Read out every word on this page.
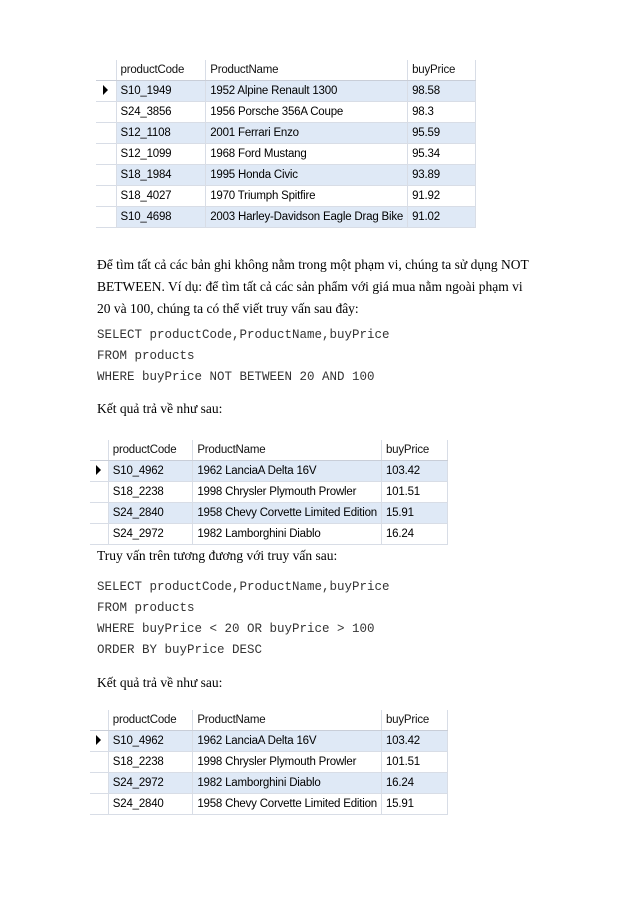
	productCode	ProductName	buyPrice
	S10_1949	1952 Alpine Renault 1300	98.58
	S24_3856	1956 Porsche 356A Coupe	98.3
	S12_1108	2001 Ferrari Enzo	95.59
	S12_1099	1968 Ford Mustang	95.34
	S18_1984	1995 Honda Civic	93.89
	S18_4027	1970 Triumph Spitfire	91.92
	S10_4698	2003 Harley-Davidson Eagle Drag Bike	91.02

Để tìm tất cả các bản ghi không nằm trong một phạm vi, chúng ta sử dụng NOT BETWEEN. Ví dụ: để tìm tất cả các sản phẩm với giá mua nằm ngoài phạm vi 20 và 100, chúng ta có thể viết truy vấn sau đây:

SELECT productCode,ProductName,buyPrice
FROM products
WHERE buyPrice NOT BETWEEN 20 AND 100

Kết quả trả về như sau:

	productCode	ProductName	buyPrice
	S10_4962	1962 LanciaA Delta 16V	103.42
	S18_2238	1998 Chrysler Plymouth Prowler	101.51
	S24_2840	1958 Chevy Corvette Limited Edition	15.91
	S24_2972	1982 Lamborghini Diablo	16.24

Truy vấn trên tương đương với truy vấn sau:

SELECT productCode,ProductName,buyPrice
FROM products
WHERE buyPrice < 20 OR buyPrice > 100
ORDER BY buyPrice DESC

Kết quả trả về như sau:

	productCode	ProductName	buyPrice
	S10_4962	1962 LanciaA Delta 16V	103.42
	S18_2238	1998 Chrysler Plymouth Prowler	101.51
	S24_2972	1982 Lamborghini Diablo	16.24
	S24_2840	1958 Chevy Corvette Limited Edition	15.91
